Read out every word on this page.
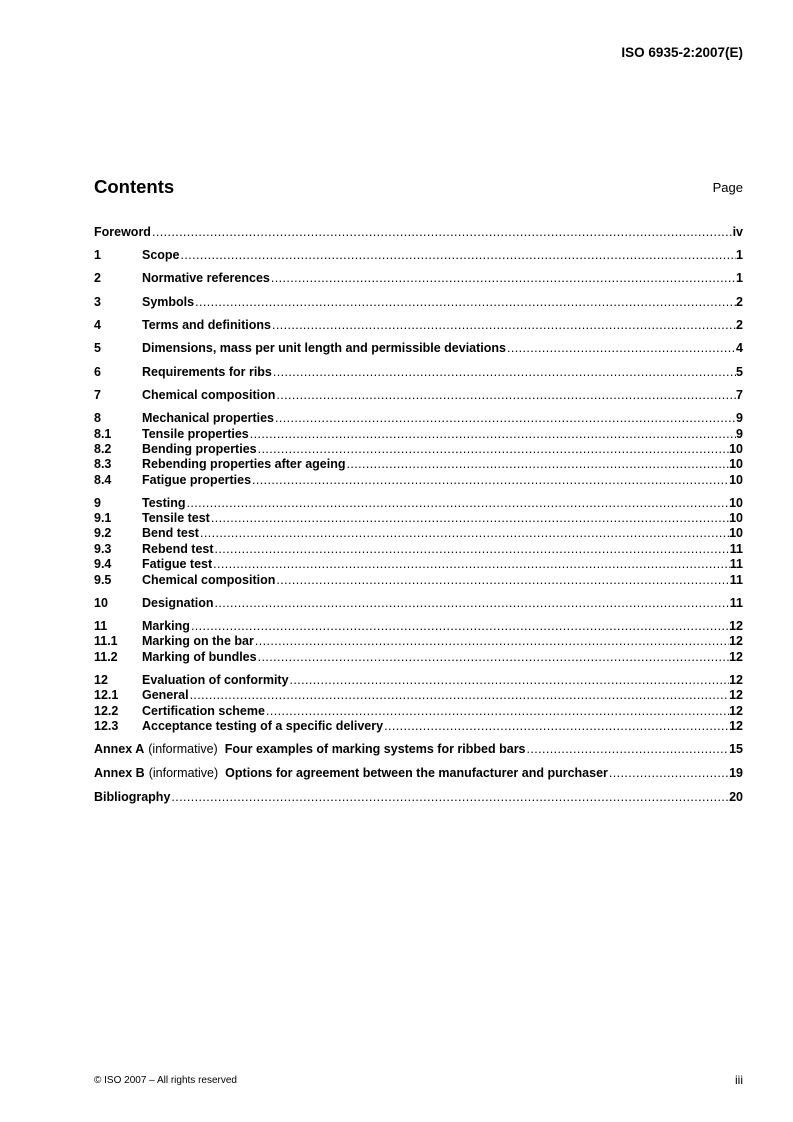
ISO 6935-2:2007(E)
Contents	Page
Foreword .....	iv
1	Scope .....	1
2	Normative references .....	1
3	Symbols .....	2
4	Terms and definitions .....	2
5	Dimensions, mass per unit length and permissible deviations .....	4
6	Requirements for ribs .....	5
7	Chemical composition .....	7
8	Mechanical properties .....	9
8.1	Tensile properties .....	9
8.2	Bending properties .....	10
8.3	Rebending properties after ageing .....	10
8.4	Fatigue properties .....	10
9	Testing .....	10
9.1	Tensile test .....	10
9.2	Bend test .....	10
9.3	Rebend test .....	11
9.4	Fatigue test .....	11
9.5	Chemical composition .....	11
10	Designation .....	11
11	Marking .....	12
11.1	Marking on the bar .....	12
11.2	Marking of bundles .....	12
12	Evaluation of conformity .....	12
12.1	General .....	12
12.2	Certification scheme .....	12
12.3	Acceptance testing of a specific delivery .....	12
Annex A (informative) Four examples of marking systems for ribbed bars .....	15
Annex B (informative) Options for agreement between the manufacturer and purchaser .....	19
Bibliography .....	20
© ISO 2007 – All rights reserved	iii
